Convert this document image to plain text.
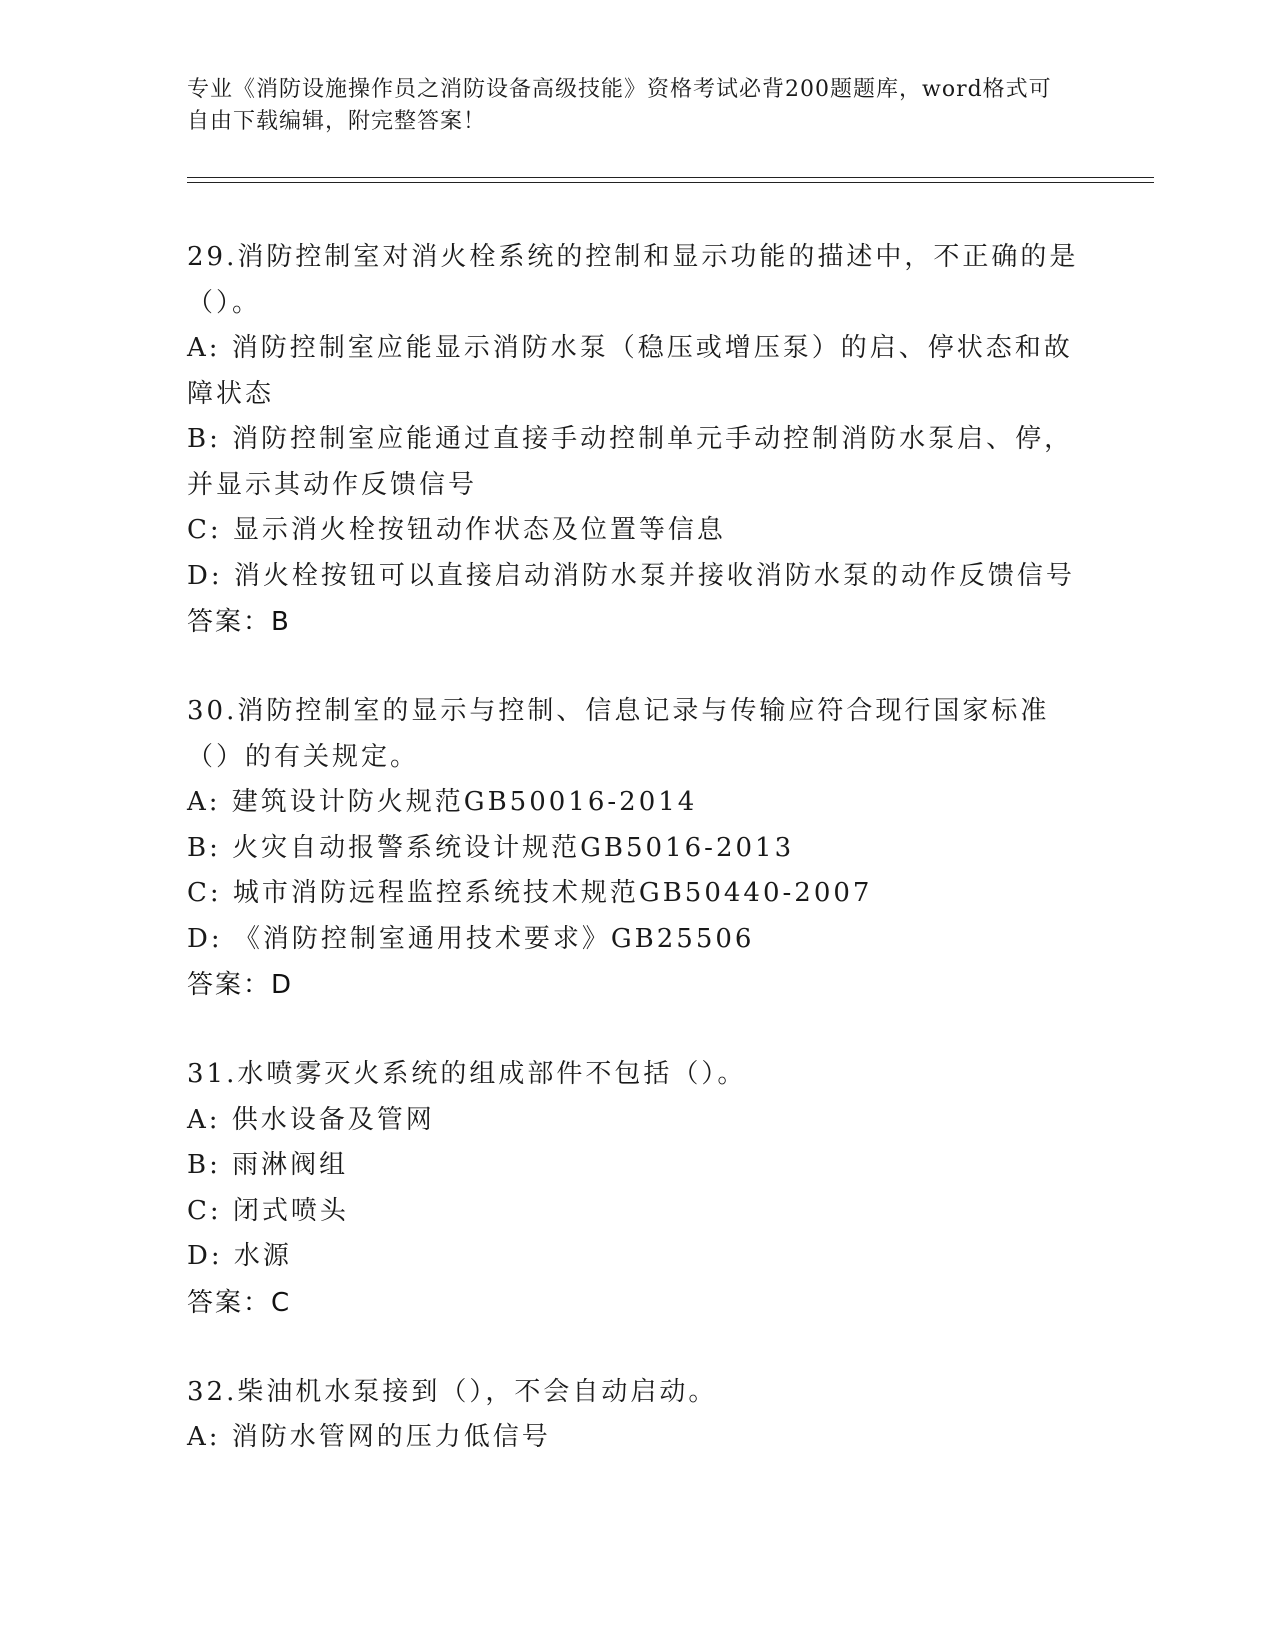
专业《消防设施操作员之消防设备高级技能》资格考试必背200题题库，word格式可自由下载编辑，附完整答案！
29.消防控制室对消火栓系统的控制和显示功能的描述中，不正确的是（）。
A: 消防控制室应能显示消防水泵（稳压或增压泵）的启、停状态和故障状态
B: 消防控制室应能通过直接手动控制单元手动控制消防水泵启、停，并显示其动作反馈信号
C: 显示消火栓按钮动作状态及位置等信息
D: 消火栓按钮可以直接启动消防水泵并接收消防水泵的动作反馈信号
答案：B
30.消防控制室的显示与控制、信息记录与传输应符合现行国家标准（）的有关规定。
A: 建筑设计防火规范GB50016-2014
B: 火灾自动报警系统设计规范GB5016-2013
C: 城市消防远程监控系统技术规范GB50440-2007
D: 《消防控制室通用技术要求》GB25506
答案：D
31.水喷雾灭火系统的组成部件不包括（）。
A: 供水设备及管网
B: 雨淋阀组
C: 闭式喷头
D: 水源
答案：C
32.柴油机水泵接到（），不会自动启动。
A: 消防水管网的压力低信号
